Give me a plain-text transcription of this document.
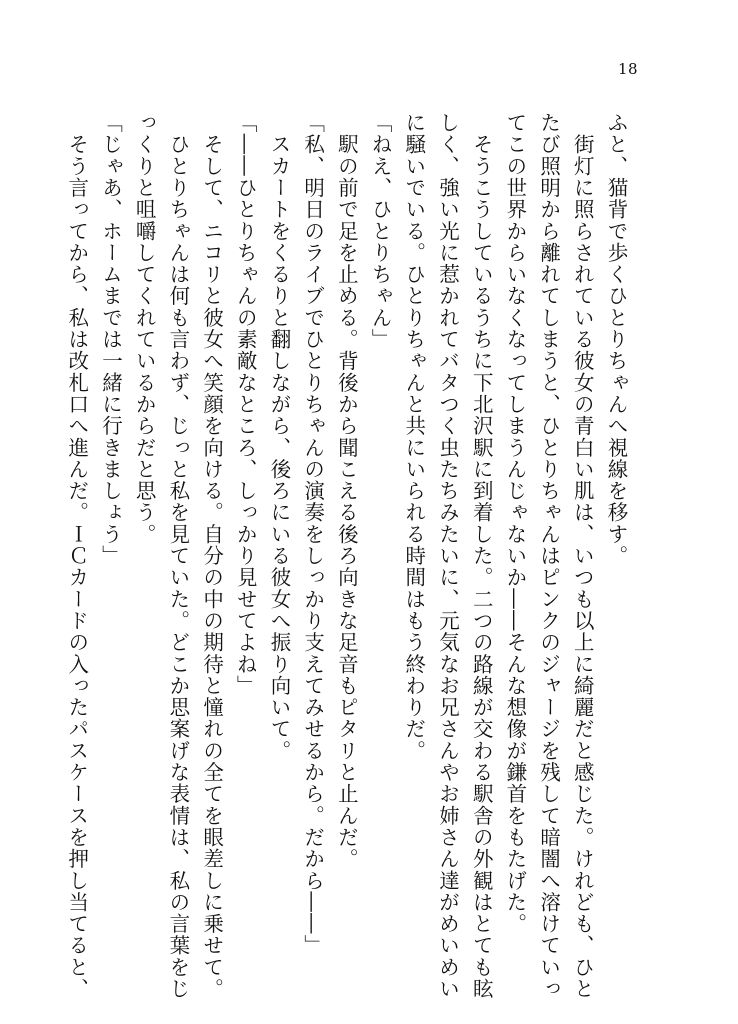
18
ふと、猫背で歩くひとりちゃんへ視線を移す。
　街灯に照らされている彼女の青白い肌は、いつも以上に綺麗だと感じた。けれども、ひと
たび照明から離れてしまうと、ひとりちゃんはピンクのジャージを残して暗闇へ溶けていっ
てこの世界からいなくなってしまうんじゃないか――そんな想像が鎌首をもたげた。
　そうこうしているうちに下北沢駅に到着した。二つの路線が交わる駅舎の外観はとても眩
しく、強い光に惹かれてバタつく虫たちみたいに、元気なお兄さんやお姉さん達がめいめい
に騒いでいる。ひとりちゃんと共にいられる時間はもう終わりだ。
「ねえ、ひとりちゃん」
　駅の前で足を止める。背後から聞こえる後ろ向きな足音もピタリと止んだ。
「私、明日のライブでひとりちゃんの演奏をしっかり支えてみせるから。だから――」
　スカートをくるりと翻しながら、後ろにいる彼女へ振り向いて。
「――ひとりちゃんの素敵なところ、しっかり見せてよね」
　そして、ニコリと彼女へ笑顔を向ける。自分の中の期待と憧れの全てを眼差しに乗せて。
　ひとりちゃんは何も言わず、じっと私を見ていた。どこか思案げな表情は、私の言葉をじ
っくりと咀嚼してくれているからだと思う。
「じゃあ、ホームまでは一緒に行きましょう」
　そう言ってから、私は改札口へ進んだ。ＩＣカードの入ったパスケースを押し当てると、
